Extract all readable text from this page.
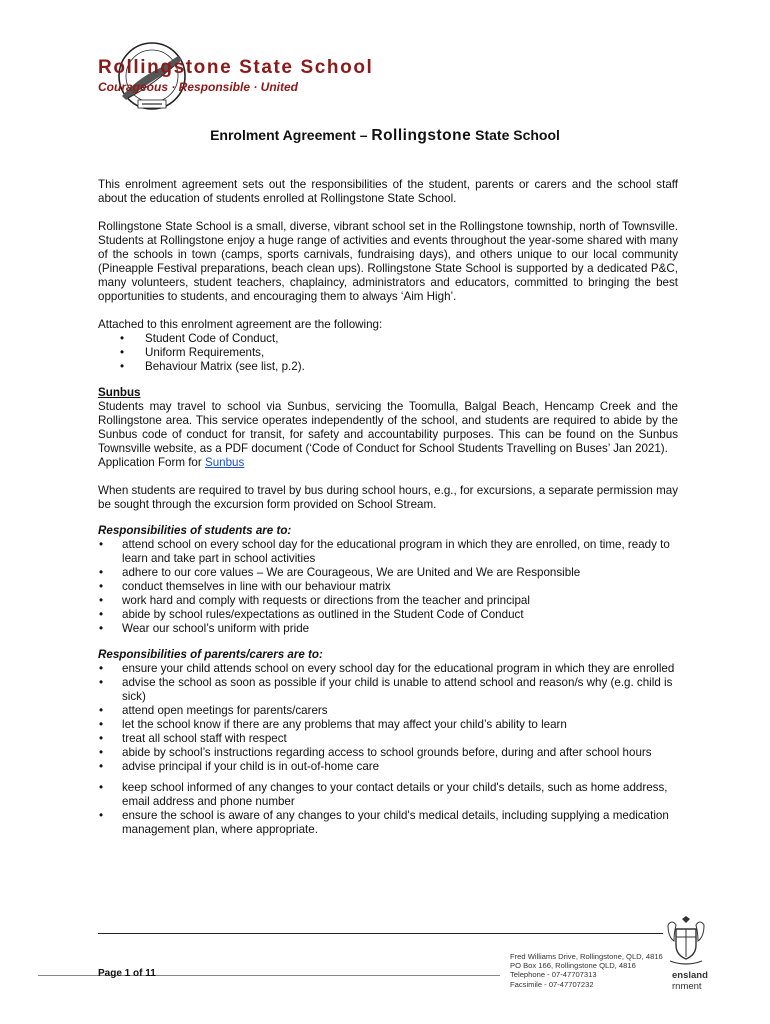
Rollingstone State School
Courageous · Responsible · United
Enrolment Agreement – Rollingstone State School

This enrolment agreement sets out the responsibilities of the student, parents or carers and the school staff about the education of students enrolled at Rollingstone State School.

Rollingstone State School is a small, diverse, vibrant school set in the Rollingstone township, north of Townsville. Students at Rollingstone enjoy a huge range of activities and events throughout the year-some shared with many of the schools in town (camps, sports carnivals, fundraising days), and others unique to our local community (Pineapple Festival preparations, beach clean ups). Rollingstone State School is supported by a dedicated P&C, many volunteers, student teachers, chaplaincy, administrators and educators, committed to bringing the best opportunities to students, and encouraging them to always ‘Aim High’.

Attached to this enrolment agreement are the following:

• Student Code of Conduct,
• Uniform Requirements,
• Behaviour Matrix (see list, p.2).

Sunbus

Students may travel to school via Sunbus, servicing the Toomulla, Balgal Beach, Hencamp Creek and the Rollingstone area. This service operates independently of the school, and students are required to abide by the Sunbus code of conduct for transit, for safety and accountability purposes. This can be found on the Sunbus Townsville website, as a PDF document (‘Code of Conduct for School Students Travelling on Buses’ Jan 2021).

Application Form for Sunbus

When students are required to travel by bus during school hours, e.g., for excursions, a separate permission may be sought through the excursion form provided on School Stream.

Responsibilities of students are to:

• attend school on every school day for the educational program in which they are enrolled, on time, ready to learn and take part in school activities
• adhere to our core values – We are Courageous, We are United and We are Responsible
• conduct themselves in line with our behaviour matrix
• work hard and comply with requests or directions from the teacher and principal
• abide by school rules/expectations as outlined in the Student Code of Conduct
• Wear our school’s uniform with pride

Responsibilities of parents/carers are to:

• ensure your child attends school on every school day for the educational program in which they are enrolled
• advise the school as soon as possible if your child is unable to attend school and reason/s why (e.g. child is sick)
• attend open meetings for parents/carers
• let the school know if there are any problems that may affect your child’s ability to learn
• treat all school staff with respect
• abide by school’s instructions regarding access to school grounds before, during and after school hours
• advise principal if your child is in out-of-home care
• keep school informed of any changes to your contact details or your child's details, such as home address, email address and phone number
• ensure the school is aware of any changes to your child's medical details, including supplying a medication management plan, where appropriate.
Page 1 of 11
Fred Williams Drive, Rollingstone, QLD, 4816
PO Box 166, Rollingstone QLD, 4816
Telephone - 07-47707313
Facsimile - 07-47707232
ensland
rnment
